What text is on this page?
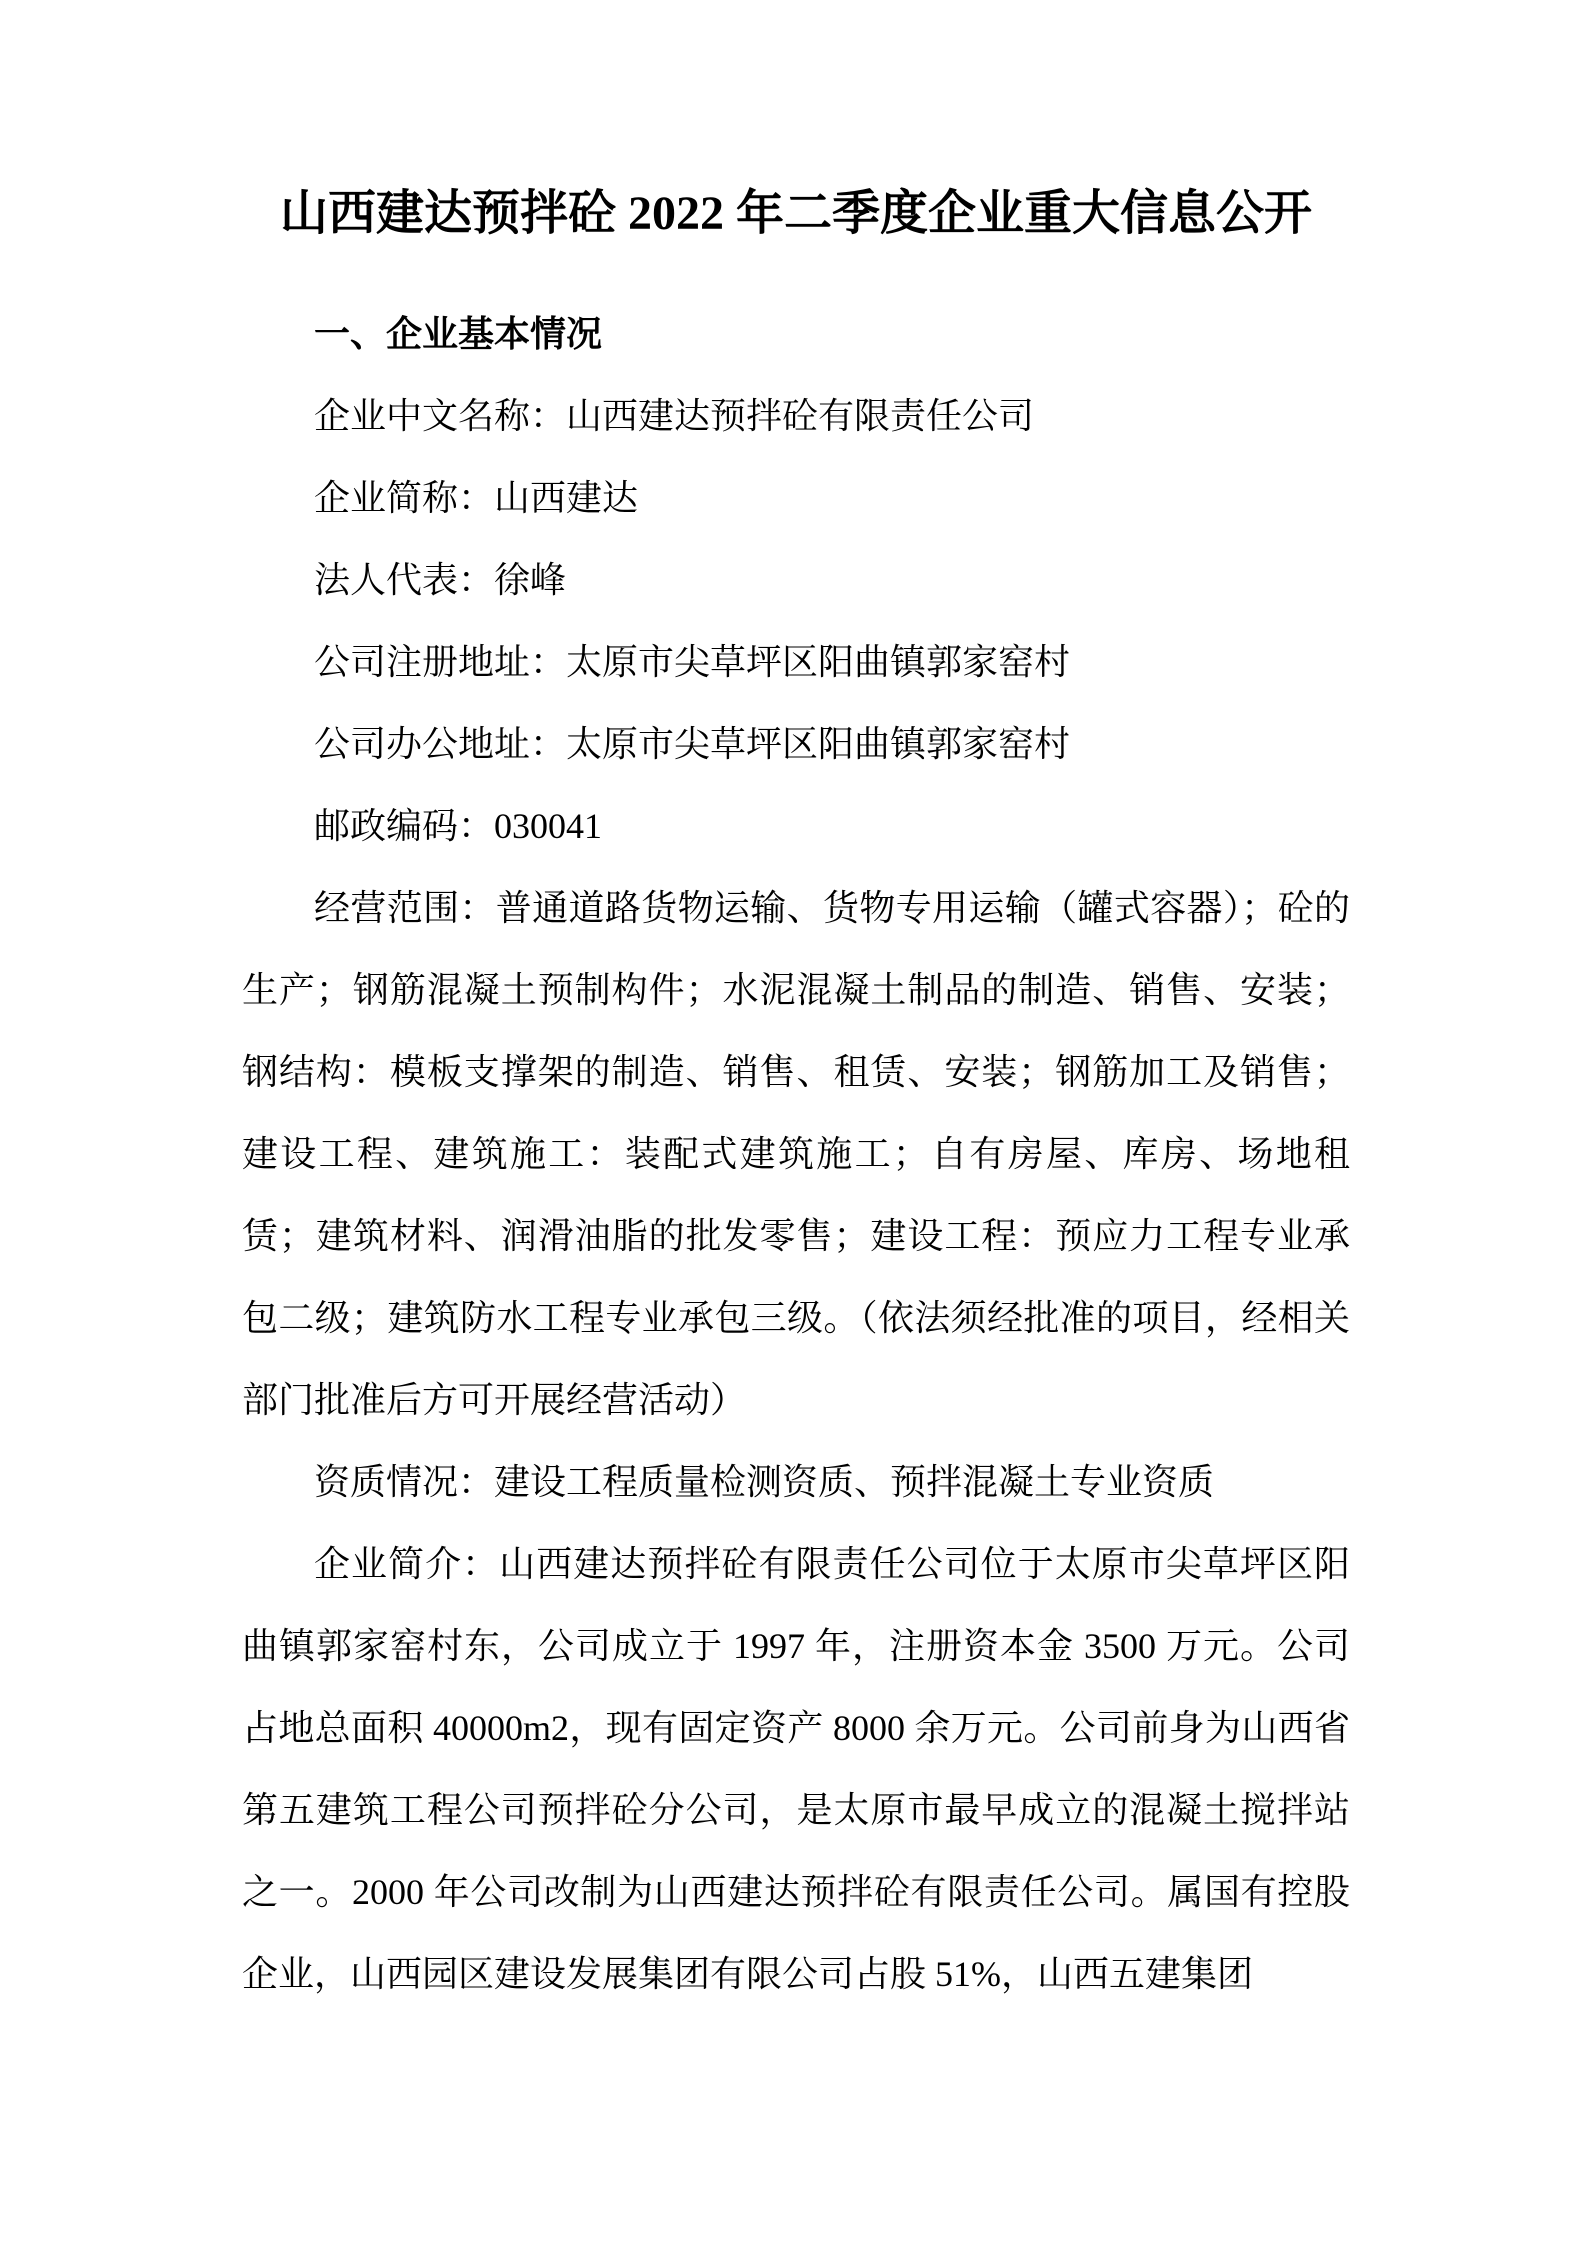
山西建达预拌砼 2022 年二季度企业重大信息公开
一、企业基本情况

企业中文名称：山西建达预拌砼有限责任公司

企业简称：山西建达

法人代表：徐峰

公司注册地址：太原市尖草坪区阳曲镇郭家窑村

公司办公地址：太原市尖草坪区阳曲镇郭家窑村

邮政编码：030041

经营范围：普通道路货物运输、货物专用运输（罐式容器）；砼的生产；钢筋混凝土预制构件；水泥混凝土制品的制造、销售、安装；钢结构：模板支撑架的制造、销售、租赁、安装；钢筋加工及销售；建设工程、建筑施工：装配式建筑施工；自有房屋、库房、场地租赁；建筑材料、润滑油脂的批发零售；建设工程：预应力工程专业承包二级；建筑防水工程专业承包三级。（依法须经批准的项目，经相关部门批准后方可开展经营活动）

资质情况：建设工程质量检测资质、预拌混凝土专业资质

企业简介：山西建达预拌砼有限责任公司位于太原市尖草坪区阳曲镇郭家窑村东，公司成立于 1997 年，注册资本金 3500 万元。公司占地总面积 40000m2，现有固定资产 8000 余万元。公司前身为山西省第五建筑工程公司预拌砼分公司，是太原市最早成立的混凝土搅拌站之一。2000 年公司改制为山西建达预拌砼有限责任公司。属国有控股企业，山西园区建设发展集团有限公司占股 51%，山西五建集团
